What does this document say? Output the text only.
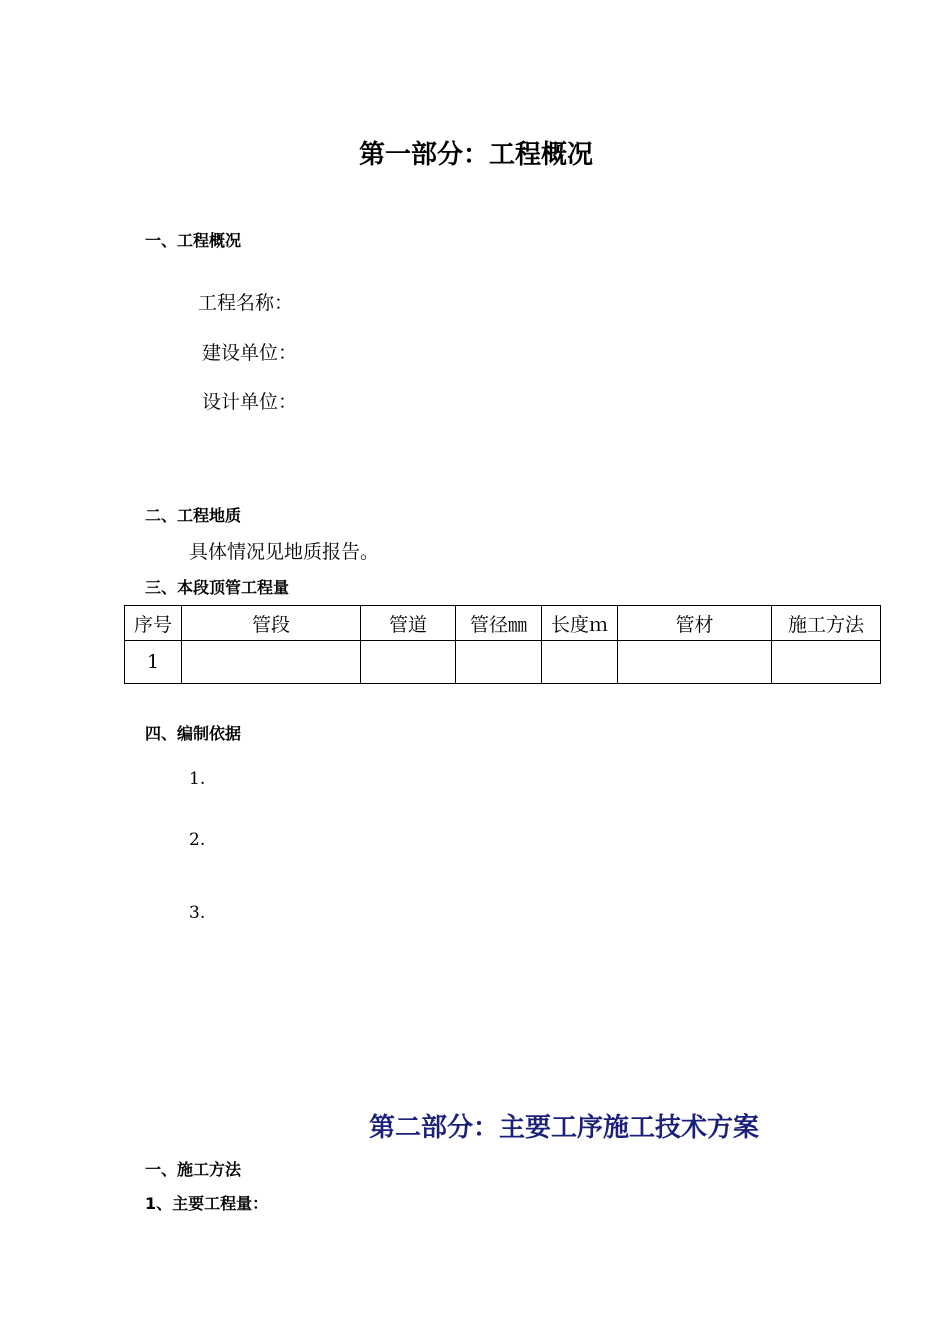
第一部分：工程概况
一、工程概况
工程名称：
建设单位：
设计单位：
二、工程地质
具体情况见地质报告。
三、本段顶管工程量
序号	管段	管道	管径㎜	长度ｍ	管材	施工方法
1						
四、编制依据
1.
2.
3.
第二部分：主要工序施工技术方案
一、施工方法
1、主要工程量：
